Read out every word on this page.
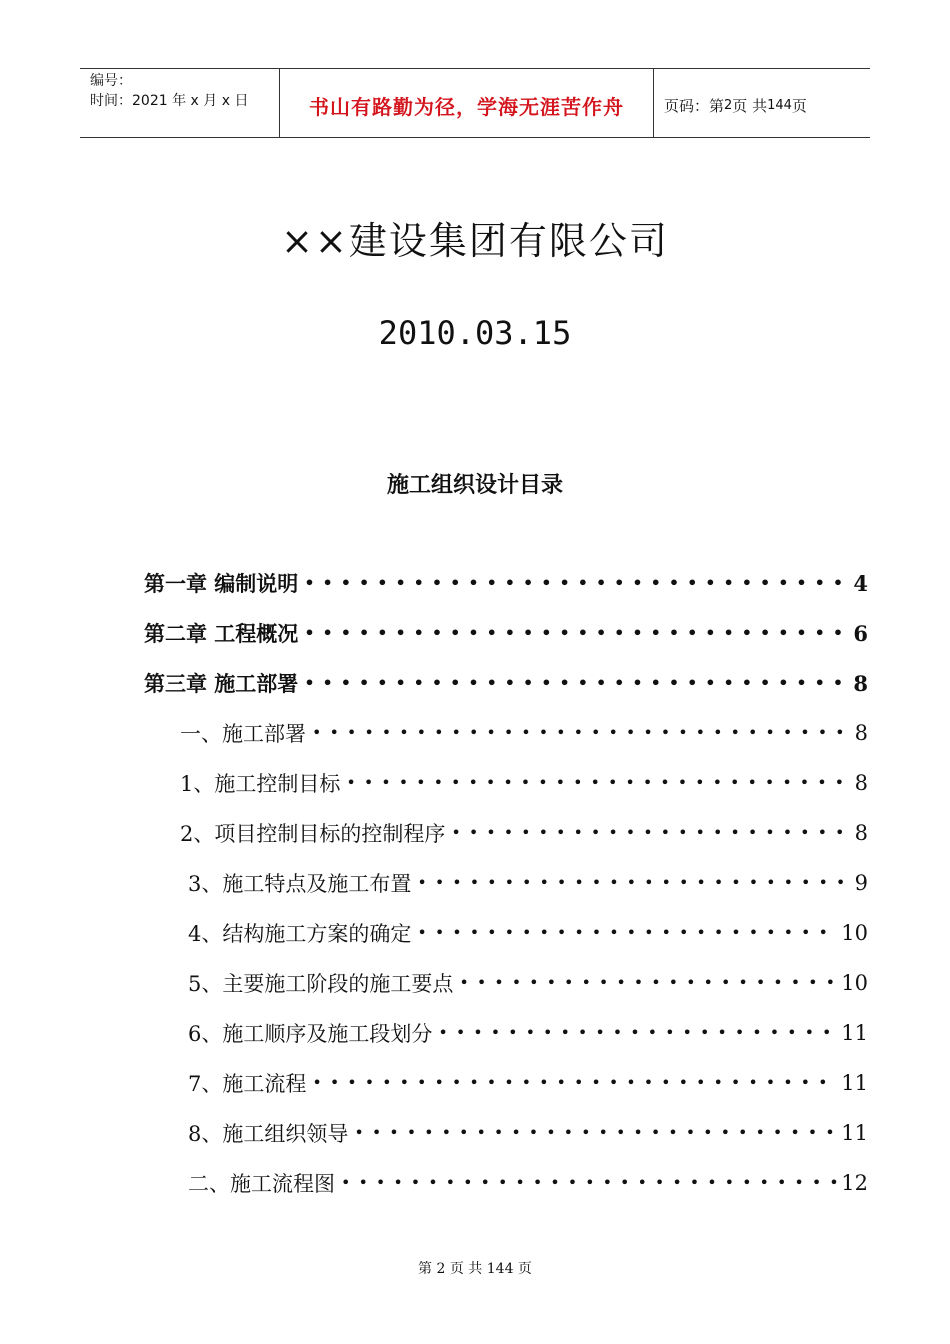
编号：
时间：2021 年 x 月 x 日	书山有路勤为径，学海无涯苦作舟	页码：第 2 页 共 144 页
××建设集团有限公司
2010.03.15
施工组织设计目录
第一章 编制说明 •••••	4
第二章 工程概况 •••••	6
第三章 施工部署 •••••	8
一、施工部署 •••••	8
1、施工控制目标 •••••	8
2、项目控制目标的控制程序 •••••	8
3、施工特点及施工布置 •••••	9
4、结构施工方案的确定 •••••	10
5、主要施工阶段的施工要点 •••••	10
6、施工顺序及施工段划分 •••••	11
7、施工流程 •••••	11
8、施工组织领导 •••••	11
二、施工流程图 •••••	12
第 2 页 共 144 页
